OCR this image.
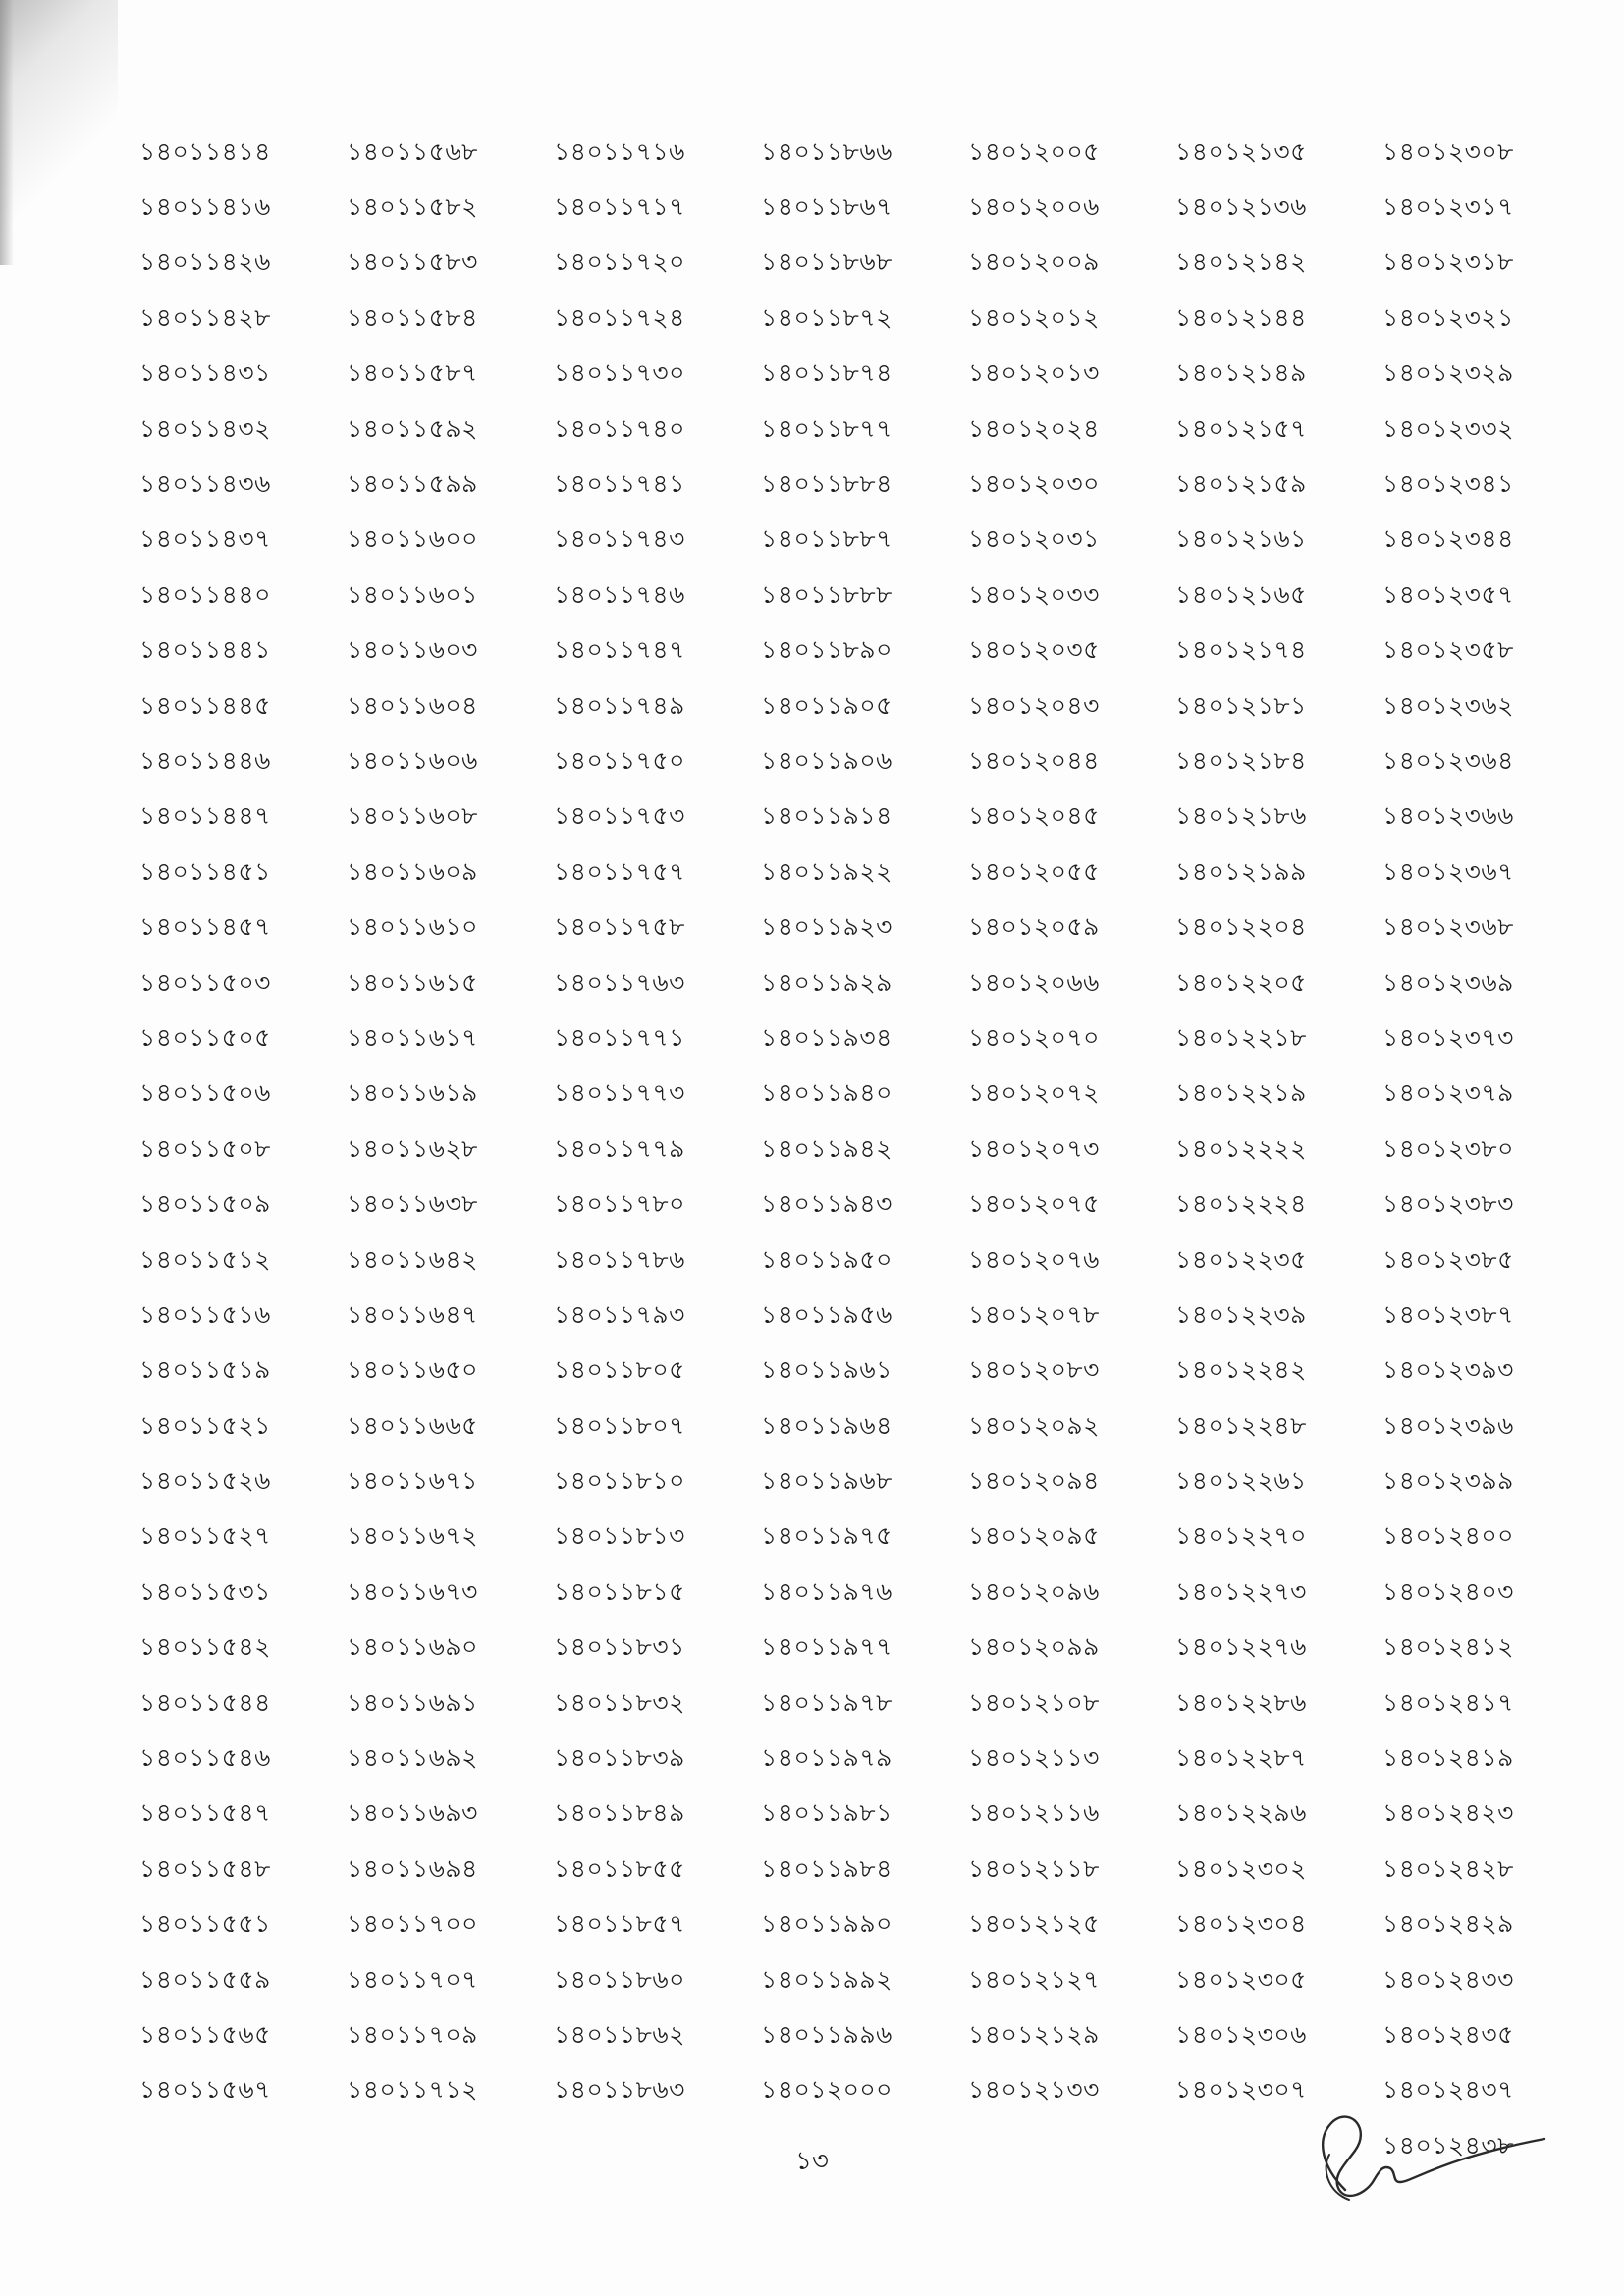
১৪০১১৪১৪	১৪০১১৫৬৮	১৪০১১৭১৬	১৪০১১৮৬৬	১৪০১২০০৫	১৪০১২১৩৫	১৪০১২৩০৮
১৪০১১৪১৬	১৪০১১৫৮২	১৪০১১৭১৭	১৪০১১৮৬৭	১৪০১২০০৬	১৪০১২১৩৬	১৪০১২৩১৭
১৪০১১৪২৬	১৪০১১৫৮৩	১৪০১১৭২০	১৪০১১৮৬৮	১৪০১২০০৯	১৪০১২১৪২	১৪০১২৩১৮
১৪০১১৪২৮	১৪০১১৫৮৪	১৪০১১৭২৪	১৪০১১৮৭২	১৪০১২০১২	১৪০১২১৪৪	১৪০১২৩২১
১৪০১১৪৩১	১৪০১১৫৮৭	১৪০১১৭৩০	১৪০১১৮৭৪	১৪০১২০১৩	১৪০১২১৪৯	১৪০১২৩২৯
১৪০১১৪৩২	১৪০১১৫৯২	১৪০১১৭৪০	১৪০১১৮৭৭	১৪০১২০২৪	১৪০১২১৫৭	১৪০১২৩৩২
১৪০১১৪৩৬	১৪০১১৫৯৯	১৪০১১৭৪১	১৪০১১৮৮৪	১৪০১২০৩০	১৪০১২১৫৯	১৪০১২৩৪১
১৪০১১৪৩৭	১৪০১১৬০০	১৪০১১৭৪৩	১৪০১১৮৮৭	১৪০১২০৩১	১৪০১২১৬১	১৪০১২৩৪৪
১৪০১১৪৪০	১৪০১১৬০১	১৪০১১৭৪৬	১৪০১১৮৮৮	১৪০১২০৩৩	১৪০১২১৬৫	১৪০১২৩৫৭
১৪০১১৪৪১	১৪০১১৬০৩	১৪০১১৭৪৭	১৪০১১৮৯০	১৪০১২০৩৫	১৪০১২১৭৪	১৪০১২৩৫৮
১৪০১১৪৪৫	১৪০১১৬০৪	১৪০১১৭৪৯	১৪০১১৯০৫	১৪০১২০৪৩	১৪০১২১৮১	১৪০১২৩৬২
১৪০১১৪৪৬	১৪০১১৬০৬	১৪০১১৭৫০	১৪০১১৯০৬	১৪০১২০৪৪	১৪০১২১৮৪	১৪০১২৩৬৪
১৪০১১৪৪৭	১৪০১১৬০৮	১৪০১১৭৫৩	১৪০১১৯১৪	১৪০১২০৪৫	১৪০১২১৮৬	১৪০১২৩৬৬
১৪০১১৪৫১	১৪০১১৬০৯	১৪০১১৭৫৭	১৪০১১৯২২	১৪০১২০৫৫	১৪০১২১৯৯	১৪০১২৩৬৭
১৪০১১৪৫৭	১৪০১১৬১০	১৪০১১৭৫৮	১৪০১১৯২৩	১৪০১২০৫৯	১৪০১২২০৪	১৪০১২৩৬৮
১৪০১১৫০৩	১৪০১১৬১৫	১৪০১১৭৬৩	১৪০১১৯২৯	১৪০১২০৬৬	১৪০১২২০৫	১৪০১২৩৬৯
১৪০১১৫০৫	১৪০১১৬১৭	১৪০১১৭৭১	১৪০১১৯৩৪	১৪০১২০৭০	১৪০১২২১৮	১৪০১২৩৭৩
১৪০১১৫০৬	১৪০১১৬১৯	১৪০১১৭৭৩	১৪০১১৯৪০	১৪০১২০৭২	১৪০১২২১৯	১৪০১২৩৭৯
১৪০১১৫০৮	১৪০১১৬২৮	১৪০১১৭৭৯	১৪০১১৯৪২	১৪০১২০৭৩	১৪০১২২২২	১৪০১২৩৮০
১৪০১১৫০৯	১৪০১১৬৩৮	১৪০১১৭৮০	১৪০১১৯৪৩	১৪০১২০৭৫	১৪০১২২২৪	১৪০১২৩৮৩
১৪০১১৫১২	১৪০১১৬৪২	১৪০১১৭৮৬	১৪০১১৯৫০	১৪০১২০৭৬	১৪০১২২৩৫	১৪০১২৩৮৫
১৪০১১৫১৬	১৪০১১৬৪৭	১৪০১১৭৯৩	১৪০১১৯৫৬	১৪০১২০৭৮	১৪০১২২৩৯	১৪০১২৩৮৭
১৪০১১৫১৯	১৪০১১৬৫০	১৪০১১৮০৫	১৪০১১৯৬১	১৪০১২০৮৩	১৪০১২২৪২	১৪০১২৩৯৩
১৪০১১৫২১	১৪০১১৬৬৫	১৪০১১৮০৭	১৪০১১৯৬৪	১৪০১২০৯২	১৪০১২২৪৮	১৪০১২৩৯৬
১৪০১১৫২৬	১৪০১১৬৭১	১৪০১১৮১০	১৪০১১৯৬৮	১৪০১২০৯৪	১৪০১২২৬১	১৪০১২৩৯৯
১৪০১১৫২৭	১৪০১১৬৭২	১৪০১১৮১৩	১৪০১১৯৭৫	১৪০১২০৯৫	১৪০১২২৭০	১৪০১২৪০০
১৪০১১৫৩১	১৪০১১৬৭৩	১৪০১১৮১৫	১৪০১১৯৭৬	১৪০১২০৯৬	১৪০১২২৭৩	১৪০১২৪০৩
১৪০১১৫৪২	১৪০১১৬৯০	১৪০১১৮৩১	১৪০১১৯৭৭	১৪০১২০৯৯	১৪০১২২৭৬	১৪০১২৪১২
১৪০১১৫৪৪	১৪০১১৬৯১	১৪০১১৮৩২	১৪০১১৯৭৮	১৪০১২১০৮	১৪০১২২৮৬	১৪০১২৪১৭
১৪০১১৫৪৬	১৪০১১৬৯২	১৪০১১৮৩৯	১৪০১১৯৭৯	১৪০১২১১৩	১৪০১২২৮৭	১৪০১২৪১৯
১৪০১১৫৪৭	১৪০১১৬৯৩	১৪০১১৮৪৯	১৪০১১৯৮১	১৪০১২১১৬	১৪০১২২৯৬	১৪০১২৪২৩
১৪০১১৫৪৮	১৪০১১৬৯৪	১৪০১১৮৫৫	১৪০১১৯৮৪	১৪০১২১১৮	১৪০১২৩০২	১৪০১২৪২৮
১৪০১১৫৫১	১৪০১১৭০০	১৪০১১৮৫৭	১৪০১১৯৯০	১৪০১২১২৫	১৪০১২৩০৪	১৪০১২৪২৯
১৪০১১৫৫৯	১৪০১১৭০৭	১৪০১১৮৬০	১৪০১১৯৯২	১৪০১২১২৭	১৪০১২৩০৫	১৪০১২৪৩৩
১৪০১১৫৬৫	১৪০১১৭০৯	১৪০১১৮৬২	১৪০১১৯৯৬	১৪০১২১২৯	১৪০১২৩০৬	১৪০১২৪৩৫
১৪০১১৫৬৭	১৪০১১৭১২	১৪০১১৮৬৩	১৪০১২০০০	১৪০১২১৩৩	১৪০১২৩০৭	১৪০১২৪৩৭
১৪০১২৪৩৮
১৩
